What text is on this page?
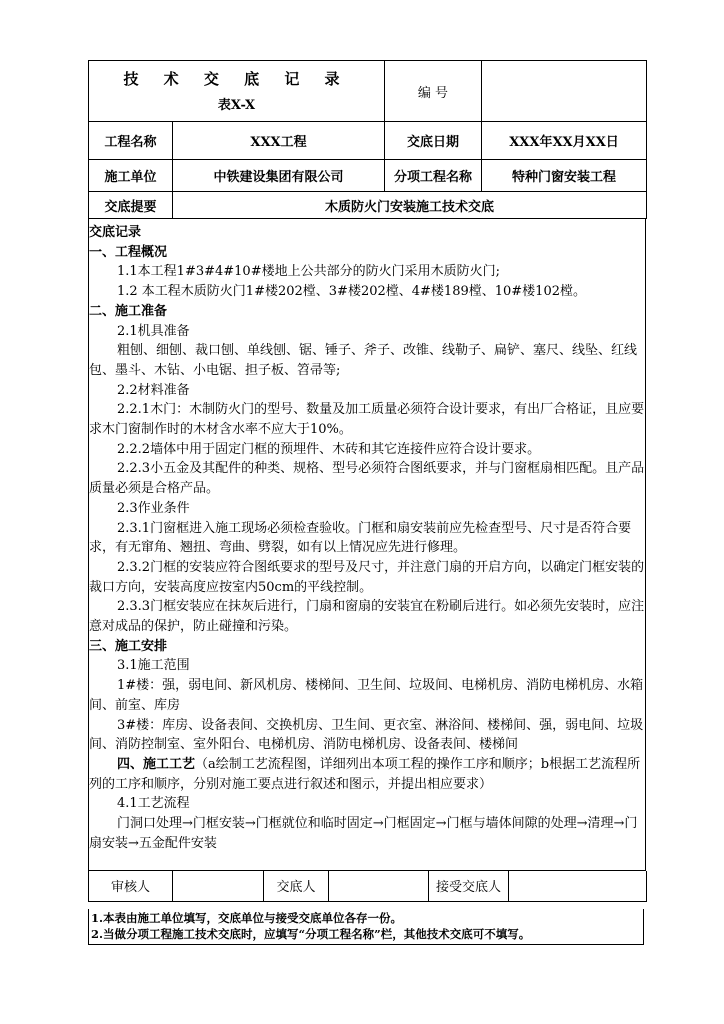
技 术 交 底 记 录
表X-X		编 号	
工程名称	XXX工程	交底日期	XXX年XX月XX日
施工单位	中铁建设集团有限公司	分项工程名称	特种门窗安装工程
交底提要	木质防火门安装施工技术交底		

交底记录

一、工程概况

1.1本工程1#3#4#10#楼地上公共部分的防火门采用木质防火门;

1.2 本工程木质防火门1#楼202樘、3#楼202樘、4#楼189樘、10#楼102樘。

二、施工准备

2.1机具准备

粗刨、细刨、裁口刨、单线刨、锯、锤子、斧子、改锥、线勒子、扁铲、塞尺、线坠、红线包、墨斗、木钻、小电锯、担子板、笤帚等;

2.2材料准备

2.2.1木门：木制防火门的型号、数量及加工质量必须符合设计要求，有出厂合格证，且应要求木门窗制作时的木材含水率不应大于10%。

2.2.2墙体中用于固定门框的预埋件、木砖和其它连接件应符合设计要求。

2.2.3小五金及其配件的种类、规格、型号必须符合图纸要求，并与门窗框扇相匹配。且产品质量必须是合格产品。

2.3作业条件

2.3.1门窗框进入施工现场必须检查验收。门框和扇安装前应先检查型号、尺寸是否符合要求，有无窜角、翘扭、弯曲、劈裂，如有以上情况应先进行修理。

2.3.2门框的安装应符合图纸要求的型号及尺寸，并注意门扇的开启方向，以确定门框安装的裁口方向，安装高度应按室内50cm的平线控制。

2.3.3门框安装应在抹灰后进行，门扇和窗扇的安装宜在粉刷后进行。如必须先安装时，应注意对成品的保护，防止碰撞和污染。

三、施工安排

3.1施工范围

1#楼：强，弱电间、新风机房、楼梯间、卫生间、垃圾间、电梯机房、消防电梯机房、水箱间、前室、库房

3#楼：库房、设备表间、交换机房、卫生间、更衣室、淋浴间、楼梯间、强，弱电间、垃圾间、消防控制室、室外阳台、电梯机房、消防电梯机房、设备表间、楼梯间

四、施工工艺（a绘制工艺流程图，详细列出本项工程的操作工序和顺序；b根据工艺流程所列的工序和顺序，分别对施工要点进行叙述和图示，并提出相应要求）

4.1工艺流程

门洞口处理→门框安装→门框就位和临时固定→门框固定→门框与墙体间隙的处理→清理→门扇安装→五金配件安装

审核人		交底人		接受交底人	

1.本表由施工单位填写，交底单位与接受交底单位各存一份。

2.当做分项工程施工技术交底时，应填写“分项工程名称”栏，其他技术交底可不填写。
